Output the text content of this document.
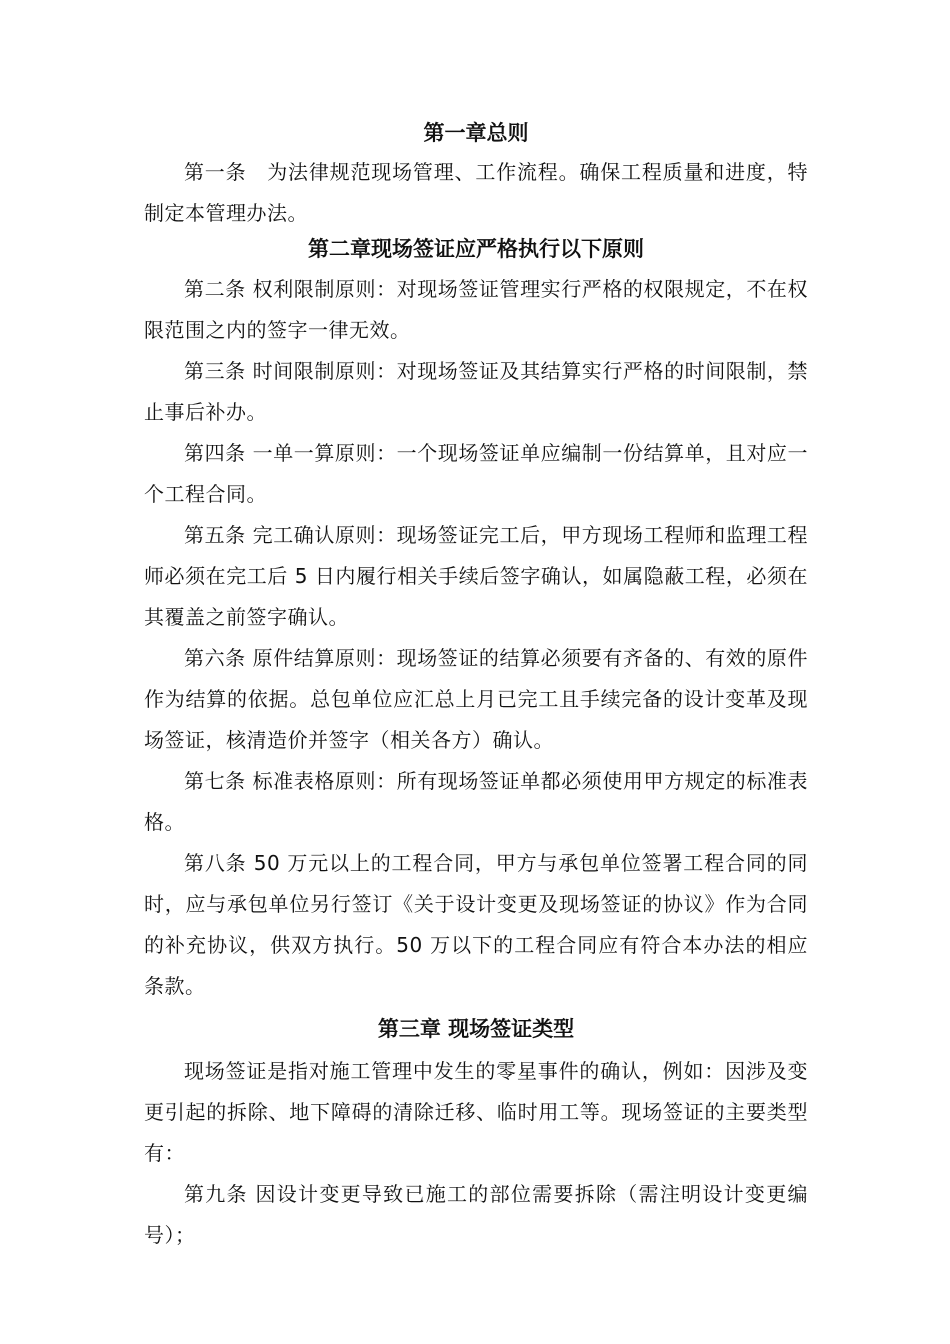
第一章总则

第一条　为法律规范现场管理、工作流程。确保工程质量和进度，特制定本管理办法。

第二章现场签证应严格执行以下原则

第二条 权利限制原则：对现场签证管理实行严格的权限规定，不在权限范围之内的签字一律无效。

第三条 时间限制原则：对现场签证及其结算实行严格的时间限制，禁止事后补办。

第四条 一单一算原则：一个现场签证单应编制一份结算单，且对应一个工程合同。

第五条 完工确认原则：现场签证完工后，甲方现场工程师和监理工程师必须在完工后 5 日内履行相关手续后签字确认，如属隐蔽工程，必须在其覆盖之前签字确认。

第六条 原件结算原则：现场签证的结算必须要有齐备的、有效的原件作为结算的依据。总包单位应汇总上月已完工且手续完备的设计变革及现场签证，核清造价并签字（相关各方）确认。

第七条 标准表格原则：所有现场签证单都必须使用甲方规定的标准表格。

第八条 50 万元以上的工程合同，甲方与承包单位签署工程合同的同时，应与承包单位另行签订《关于设计变更及现场签证的协议》作为合同的补充协议，供双方执行。50 万以下的工程合同应有符合本办法的相应条款。

第三章 现场签证类型

现场签证是指对施工管理中发生的零星事件的确认，例如：因涉及变更引起的拆除、地下障碍的清除迁移、临时用工等。现场签证的主要类型有：

第九条 因设计变更导致已施工的部位需要拆除（需注明设计变更编号）；
